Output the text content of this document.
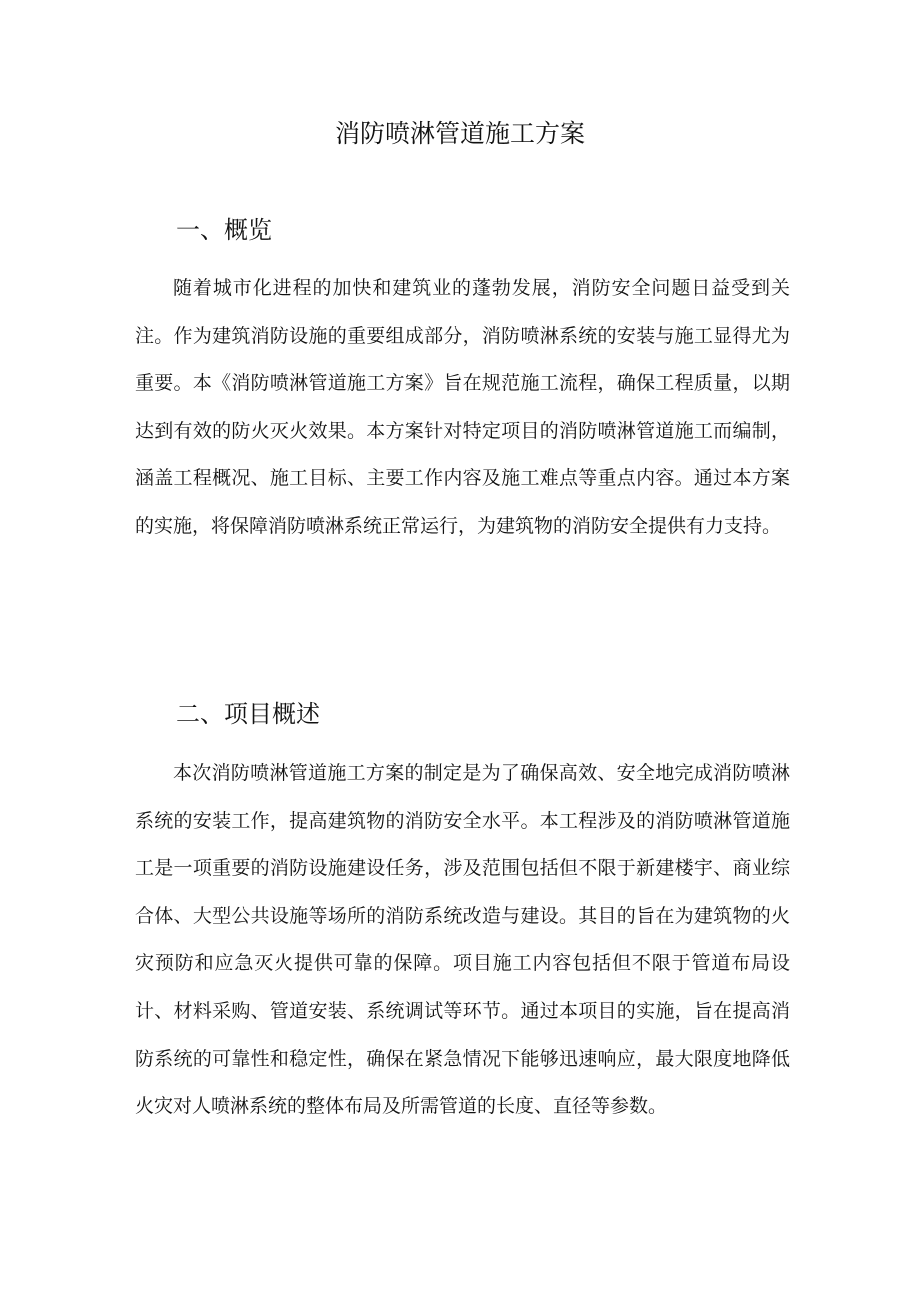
消防喷淋管道施工方案
一、概览

随着城市化进程的加快和建筑业的蓬勃发展，消防安全问题日益受到关注。作为建筑消防设施的重要组成部分，消防喷淋系统的安装与施工显得尤为重要。本《消防喷淋管道施工方案》旨在规范施工流程，确保工程质量，以期达到有效的防火灭火效果。本方案针对特定项目的消防喷淋管道施工而编制，涵盖工程概况、施工目标、主要工作内容及施工难点等重点内容。通过本方案的实施，将保障消防喷淋系统正常运行，为建筑物的消防安全提供有力支持。

二、项目概述

本次消防喷淋管道施工方案的制定是为了确保高效、安全地完成消防喷淋系统的安装工作，提高建筑物的消防安全水平。本工程涉及的消防喷淋管道施工是一项重要的消防设施建设任务，涉及范围包括但不限于新建楼宇、商业综合体、大型公共设施等场所的消防系统改造与建设。其目的旨在为建筑物的火灾预防和应急灭火提供可靠的保障。项目施工内容包括但不限于管道布局设计、材料采购、管道安装、系统调试等环节。通过本项目的实施，旨在提高消防系统的可靠性和稳定性，确保在紧急情况下能够迅速响应，最大限度地降低火灾对人喷淋系统的整体布局及所需管道的长度、直径等参数。
